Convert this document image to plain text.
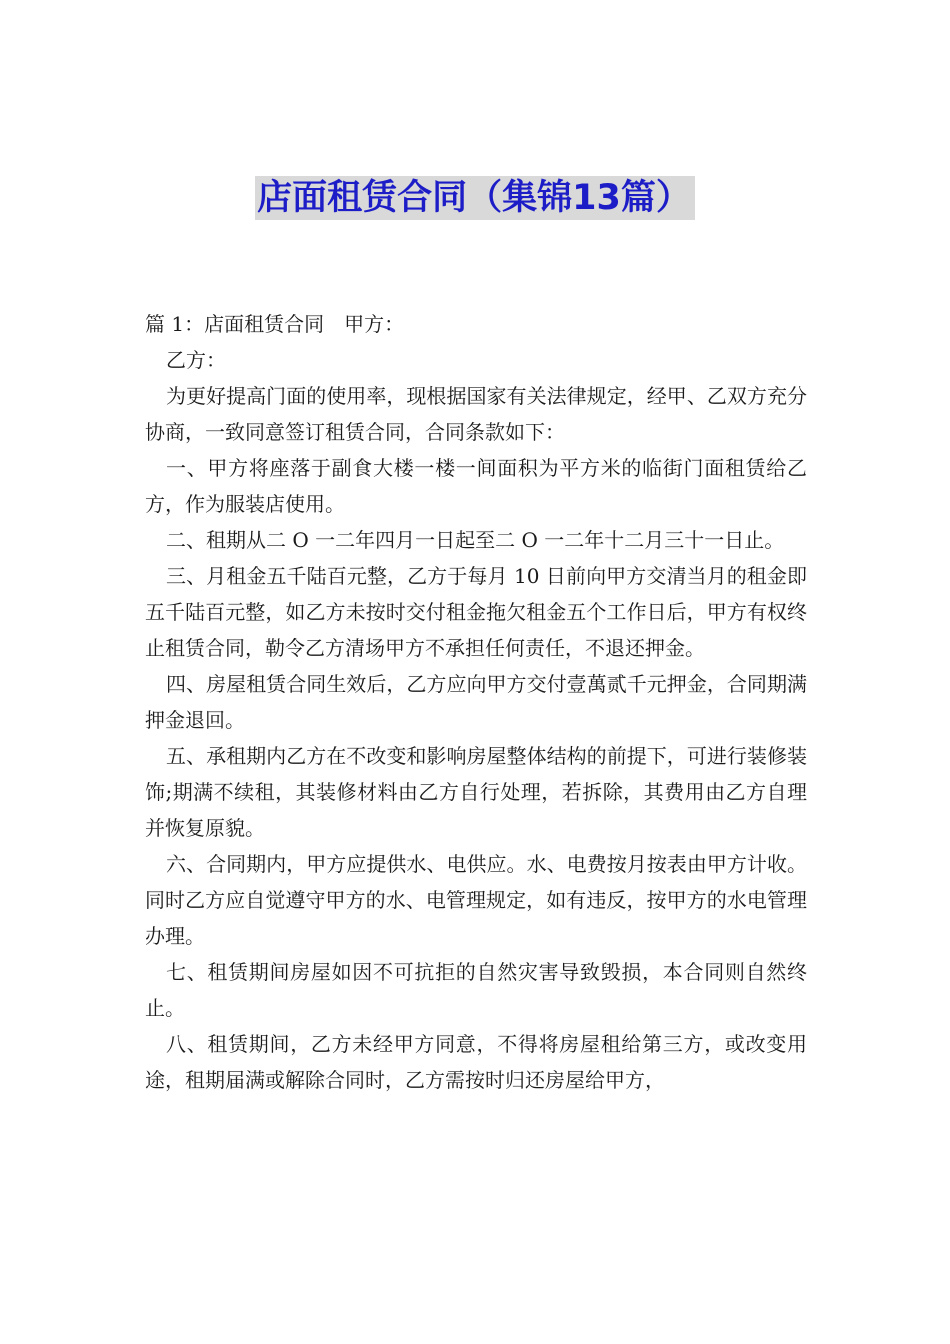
店面租赁合同（集锦13篇）

篇 1：店面租赁合同　甲方：

乙方：

为更好提高门面的使用率，现根据国家有关法律规定，经甲、乙双方充分协商，一致同意签订租赁合同，合同条款如下：

一、甲方将座落于副食大楼一楼一间面积为平方米的临街门面租赁给乙方，作为服装店使用。

二、租期从二 O 一二年四月一日起至二 O 一二年十二月三十一日止。

三、月租金五千陆百元整，乙方于每月 10 日前向甲方交清当月的租金即五千陆百元整，如乙方未按时交付租金拖欠租金五个工作日后，甲方有权终止租赁合同，勒令乙方清场甲方不承担任何责任，不退还押金。

四、房屋租赁合同生效后，乙方应向甲方交付壹萬贰千元押金，合同期满押金退回。

五、承租期内乙方在不改变和影响房屋整体结构的前提下，可进行装修装饰;期满不续租，其装修材料由乙方自行处理，若拆除，其费用由乙方自理并恢复原貌。

六、合同期内，甲方应提供水、电供应。水、电费按月按表由甲方计收。同时乙方应自觉遵守甲方的水、电管理规定，如有违反，按甲方的水电管理办理。

七、租赁期间房屋如因不可抗拒的自然灾害导致毁损，本合同则自然终止。

八、租赁期间，乙方未经甲方同意，不得将房屋租给第三方，或改变用途，租期届满或解除合同时，乙方需按时归还房屋给甲方，
